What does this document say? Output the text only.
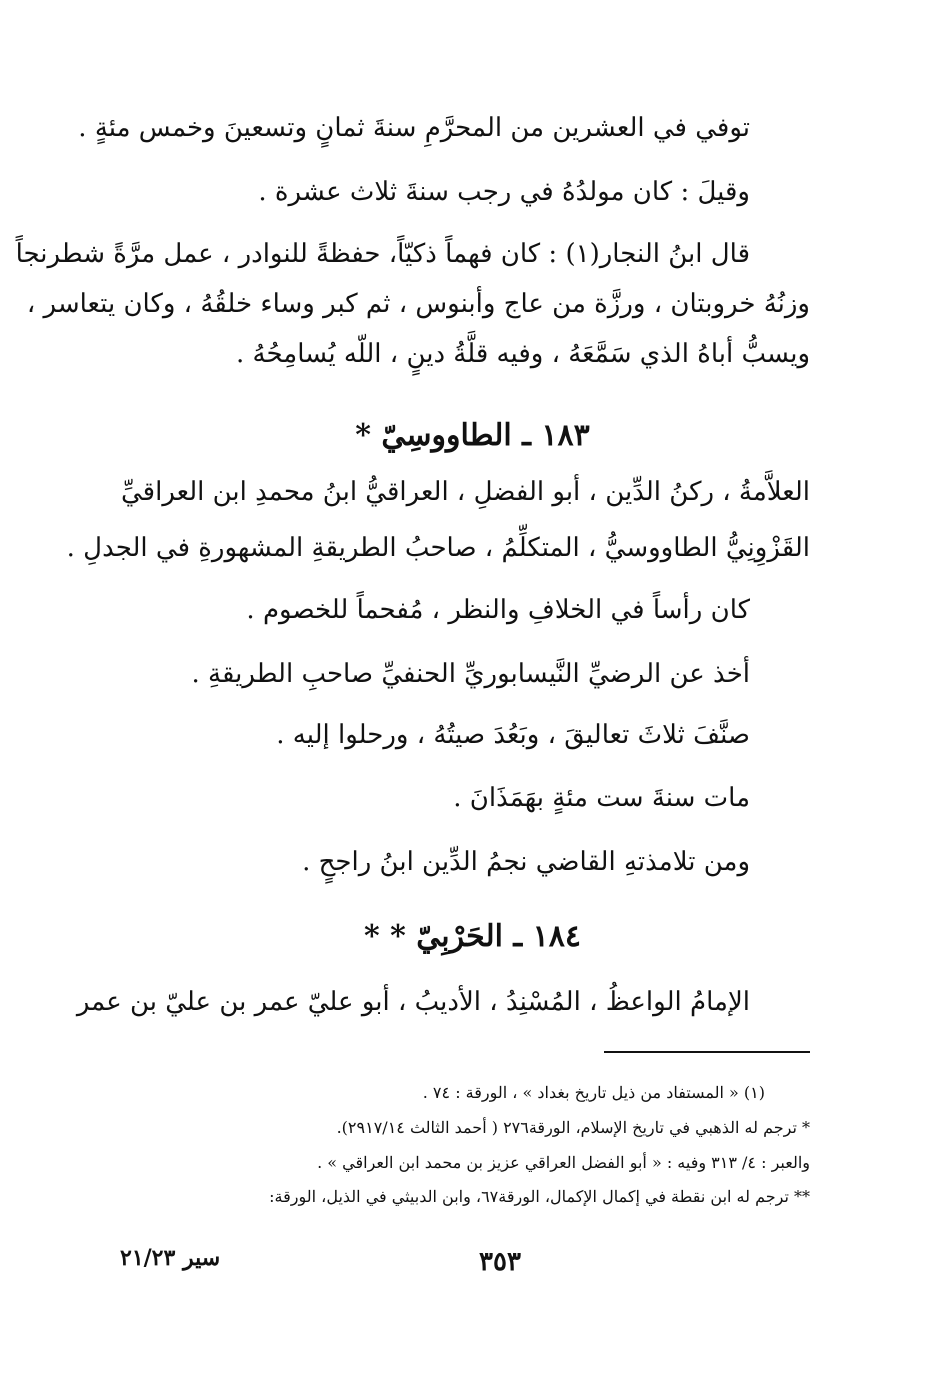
توفي في العشرين من المحرَّمِ سنةَ ثمانٍ وتسعينَ وخمس مئةٍ .
وقيلَ : كان مولدُهُ في رجب سنةَ ثلاث عشرة .
قال ابنُ النجار(١) : كان فهماً ذكيّاً، حفظةً للنوادر ، عمل مرَّةً شطرنجاً
وزنُهُ خروبتان ، ورزَّة من عاج وأبنوس ، ثم كبر وساء خلقُهُ ، وكان يتعاسر ،
ويسبُّ أباهُ الذي سَمَّعَهُ ، وفيه قلَّةُ دينٍ ، اللّه يُسامِحُهُ .
١٨٣ ـ الطاووسِيّ *
العلاَّمةُ ، ركنُ الدِّين ، أبو الفضلِ ، العراقيُّ ابنُ محمدِ ابن العراقيِّ
القَزْوِنِيُّ الطاووسيُّ ، المتكلِّمُ ، صاحبُ الطريقةِ المشهورةِ في الجدلِ .
كان رأساً في الخلافِ والنظر ، مُفحماً للخصوم .
أخذ عن الرضيِّ النَّيسابوريِّ الحنفيِّ صاحبِ الطريقةِ .
صنَّفَ ثلاثَ تعاليقَ ، وبَعُدَ صيتُهُ ، ورحلوا إليه .
مات سنةَ ست مئةٍ بهَمَذَانَ .
ومن تلامذتهِ القاضي نجمُ الدِّين ابنُ راجحٍ .
١٨٤ ـ الحَرْبِيّ * *
الإمامُ الواعظُ ، المُسْنِدُ ، الأديبُ ، أبو عليّ عمر بن عليّ بن عمر
(١) « المستفاد من ذيل تاريخ بغداد » ، الورقة : ٧٤ .
* ترجم له الذهبي في تاريخ الإسلام، الورقة٢٧٦ ( أحمد الثالث ٢٩١٧/١٤).
والعبر : ٤/ ٣١٣ وفيه : « أبو الفضل العراقي عزيز بن محمد ابن العراقي » .
** ترجم له ابن نقطة في إكمال الإكمال، الورقة٦٧، وابن الدبيثي في الذيل، الورقة:
٣٥٣
سير ٢١/٢٣
